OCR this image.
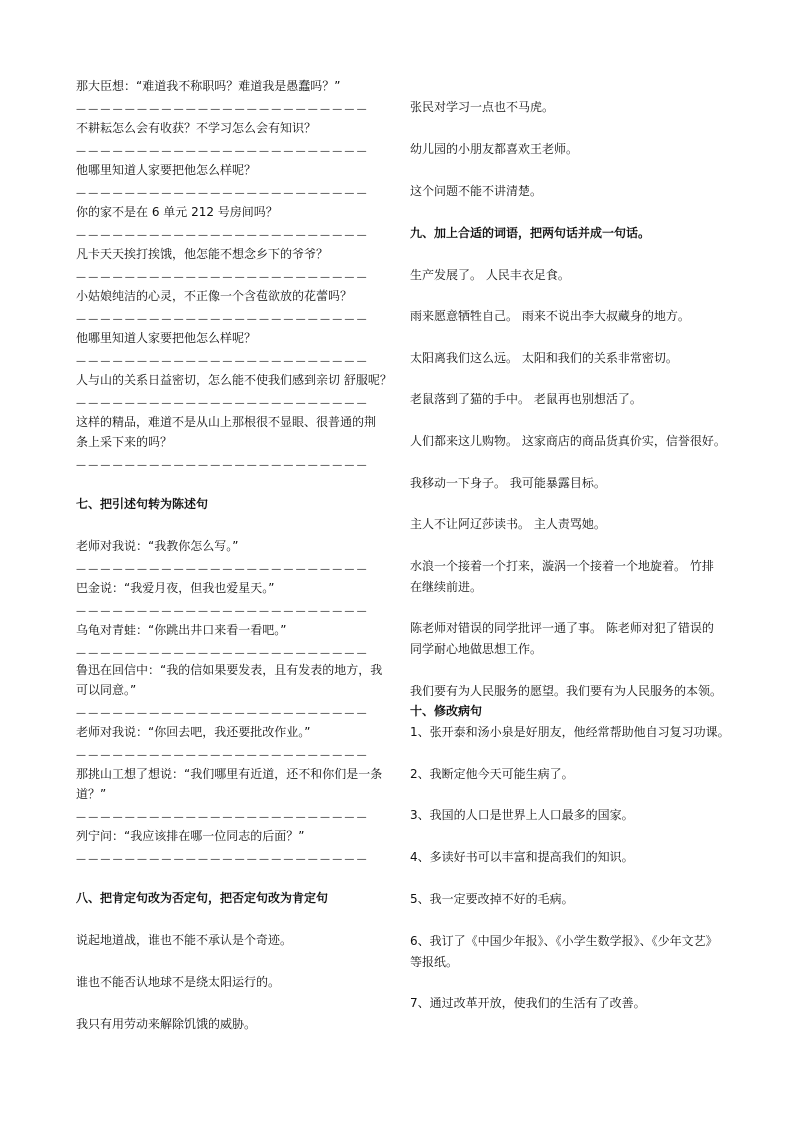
那大臣想：“难道我不称职吗？难道我是愚蠢吗？”
————————————————————————
不耕耘怎么会有收获？不学习怎么会有知识？
————————————————————————
他哪里知道人家要把他怎么样呢？
————————————————————————
你的家不是在 6 单元 212 号房间吗？
————————————————————————
凡卡天天挨打挨饿，他怎能不想念乡下的爷爷？
————————————————————————
小姑娘纯洁的心灵，不正像一个含苞欲放的花蕾吗？
————————————————————————
他哪里知道人家要把他怎么样呢？
————————————————————————
人与山的关系日益密切，怎么能不使我们感到亲切 舒服呢？
————————————————————————
这样的精品，难道不是从山上那根很不显眼、很普通的荆条上采下来的吗？
————————————————————————
七、把引述句转为陈述句
老师对我说：“我教你怎么写。”
————————————————————————
巴金说：“我爱月夜，但我也爱星天。”
————————————————————————
乌龟对青蛙：“你跳出井口来看一看吧。”
————————————————————————
鲁迅在回信中：“我的信如果要发表，且有发表的地方，我可以同意。”
————————————————————————
老师对我说：“你回去吧，我还要批改作业。”
————————————————————————
那挑山工想了想说：“我们哪里有近道，还不和你们是一条道？”
————————————————————————
列宁问：“我应该排在哪一位同志的后面？”
————————————————————————
八、把肯定句改为否定句，把否定句改为肯定句
说起地道战，谁也不能不承认是个奇迹。
谁也不能否认地球不是绕太阳运行的。
我只有用劳动来解除饥饿的威胁。
张民对学习一点也不马虎。
幼儿园的小朋友都喜欢王老师。
这个问题不能不讲清楚。
九、加上合适的词语，把两句话并成一句话。
生产发展了。 人民丰衣足食。
雨来愿意牺牲自己。 雨来不说出李大叔藏身的地方。
太阳离我们这么远。 太阳和我们的关系非常密切。
老鼠落到了猫的手中。 老鼠再也别想活了。
人们都来这儿购物。 这家商店的商品货真价实，信誉很好。
我移动一下身子。 我可能暴露目标。
主人不让阿辽莎读书。 主人责骂她。
水浪一个接着一个打来，漩涡一个接着一个地旋着。 竹排在继续前进。
陈老师对错误的同学批评一通了事。 陈老师对犯了错误的同学耐心地做思想工作。
我们要有为人民服务的愿望。我们要有为人民服务的本领。
十、修改病句
1、张开泰和汤小泉是好朋友，他经常帮助他自习复习功课。
2、我断定他今天可能生病了。
3、我国的人口是世界上人口最多的国家。
4、多读好书可以丰富和提高我们的知识。
5、我一定要改掉不好的毛病。
6、我订了《中国少年报》、《小学生数学报》、《少年文艺》等报纸。
7、通过改革开放，使我们的生活有了改善。
